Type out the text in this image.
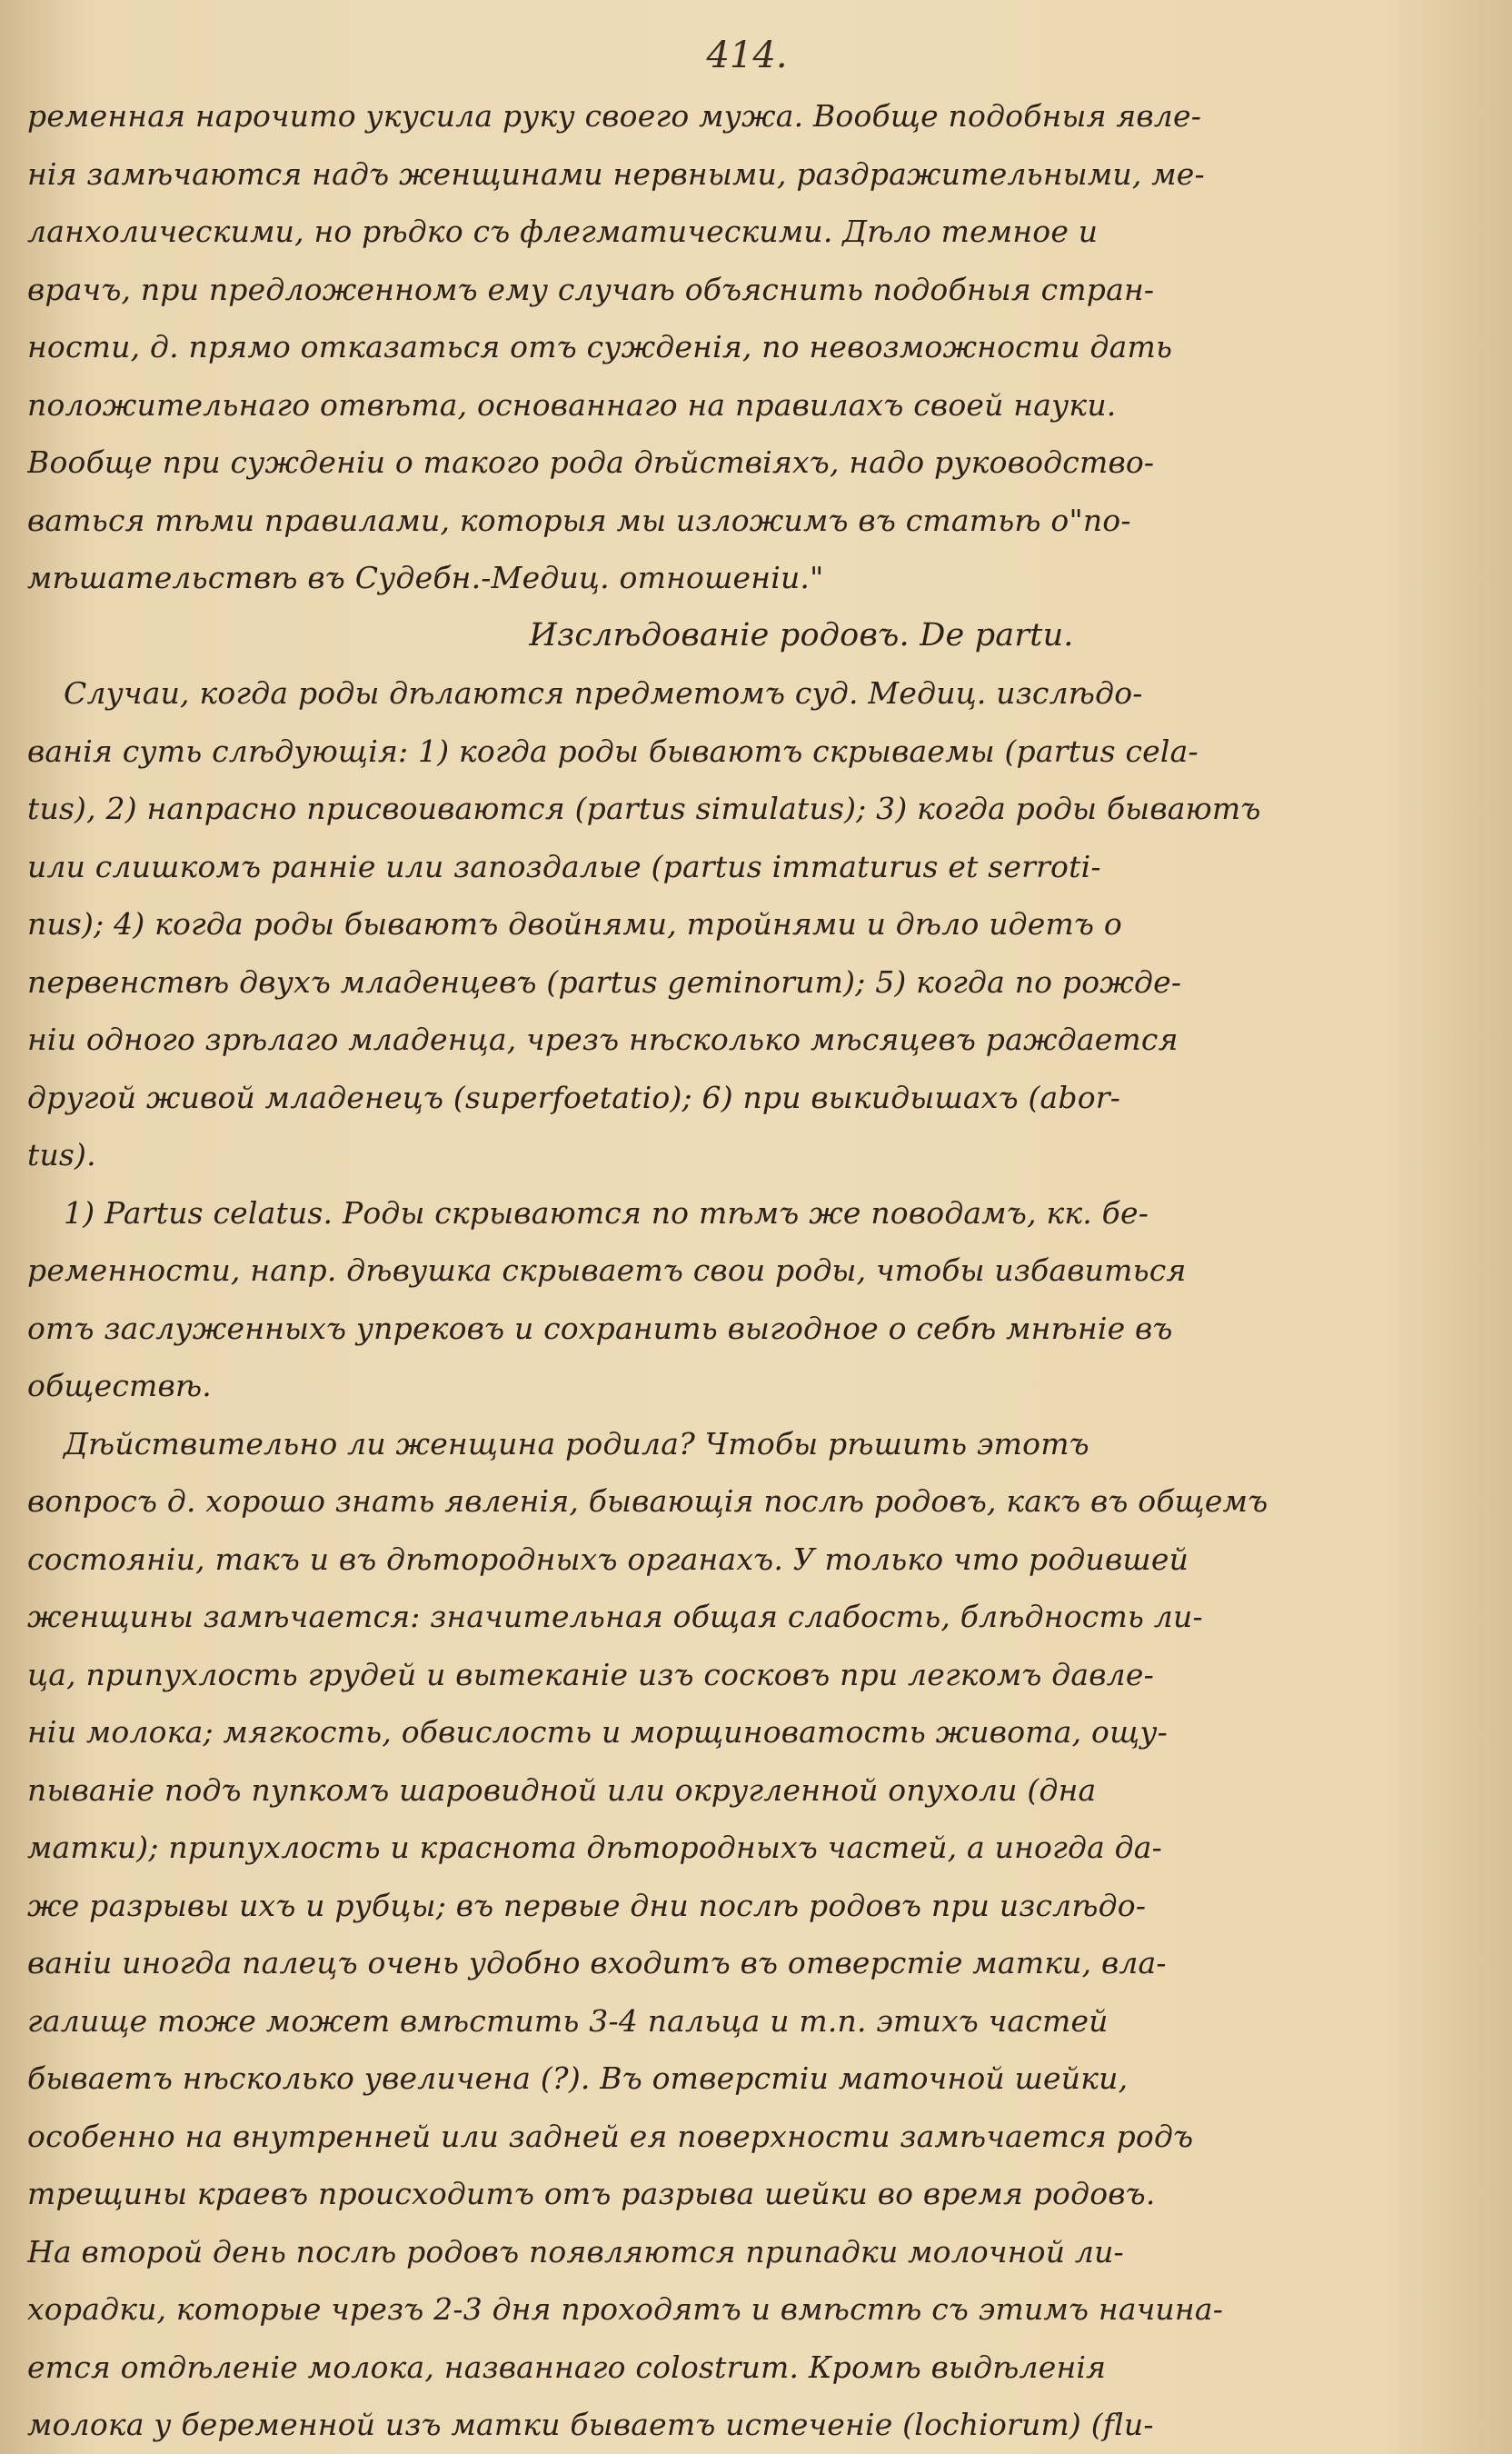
414.
ременная нарочито укусила руку своего мужа. Вообще подобныя явле-
нія замѣчаются надъ женщинами нервными, раздражительными, ме-
ланхолическими, но рѣдко съ флегматическими. Дѣло темное и
врачъ, при предложенномъ ему случаѣ объяснить подобныя стран-
ности, д. прямо отказаться отъ сужденія, по невозможности дать
положительнаго отвѣта, основаннаго на правилахъ своей науки.
Вообще при сужденіи о такого рода дѣйствіяхъ, надо руководство-
ваться тѣми правилами, которыя мы изложимъ въ статьѣ о"по-
мѣшательствѣ въ Судебн.-Медиц. отношеніи."
Изслѣдованіе родовъ. De partu.
Случаи, когда роды дѣлаются предметомъ суд. Медиц. изслѣдо-
ванія суть слѣдующія: 1) когда роды бываютъ скрываемы (partus cela-
tus), 2) напрасно присвоиваются (partus simulatus); 3) когда роды бываютъ
или слишкомъ ранніе или запоздалые (partus immaturus et serroti-
nus); 4) когда роды бываютъ двойнями, тройнями и дѣло идетъ о
первенствѣ двухъ младенцевъ (partus geminorum); 5) когда по рожде-
ніи одного зрѣлаго младенца, чрезъ нѣсколько мѣсяцевъ раждается
другой живой младенецъ (superfoetatio); 6) при выкидышахъ (abor-
tus).
1) Partus celatus. Роды скрываются по тѣмъ же поводамъ, кк. бе-
ременности, напр. дѣвушка скрываетъ свои роды, чтобы избавиться
отъ заслуженныхъ упрековъ и сохранить выгодное о себѣ мнѣніе въ
обществѣ.
Дѣйствительно ли женщина родила? Чтобы рѣшить этотъ
вопросъ д. хорошо знать явленія, бывающія послѣ родовъ, какъ въ общемъ
состояніи, такъ и въ дѣтородныхъ органахъ. У только что родившей
женщины замѣчается: значительная общая слабость, блѣдность ли-
ца, припухлость грудей и вытеканіе изъ сосковъ при легкомъ давле-
ніи молока; мягкость, обвислость и морщиноватость живота, ощу-
пываніе подъ пупкомъ шаровидной или округленной опухоли (дна
матки); припухлость и краснота дѣтородныхъ частей, а иногда да-
же разрывы ихъ и рубцы; въ первые дни послѣ родовъ при изслѣдо-
ваніи иногда палецъ очень удобно входитъ въ отверстіе матки, вла-
галище тоже может вмѣстить 3-4 пальца и т.п. этихъ частей
бываетъ нѣсколько увеличена (?). Въ отверстіи маточной шейки,
особенно на внутренней или задней ея поверхности замѣчается родъ
трещины краевъ происходитъ отъ разрыва шейки во время родовъ.
На второй день послѣ родовъ появляются припадки молочной ли-
хорадки, которые чрезъ 2-3 дня проходятъ и вмѣстѣ съ этимъ начина-
ется отдѣленіе молока, названнаго colostrum. Кромѣ выдѣленія
молока у беременной изъ матки бываетъ истеченіе (lochiorum) (flu-
